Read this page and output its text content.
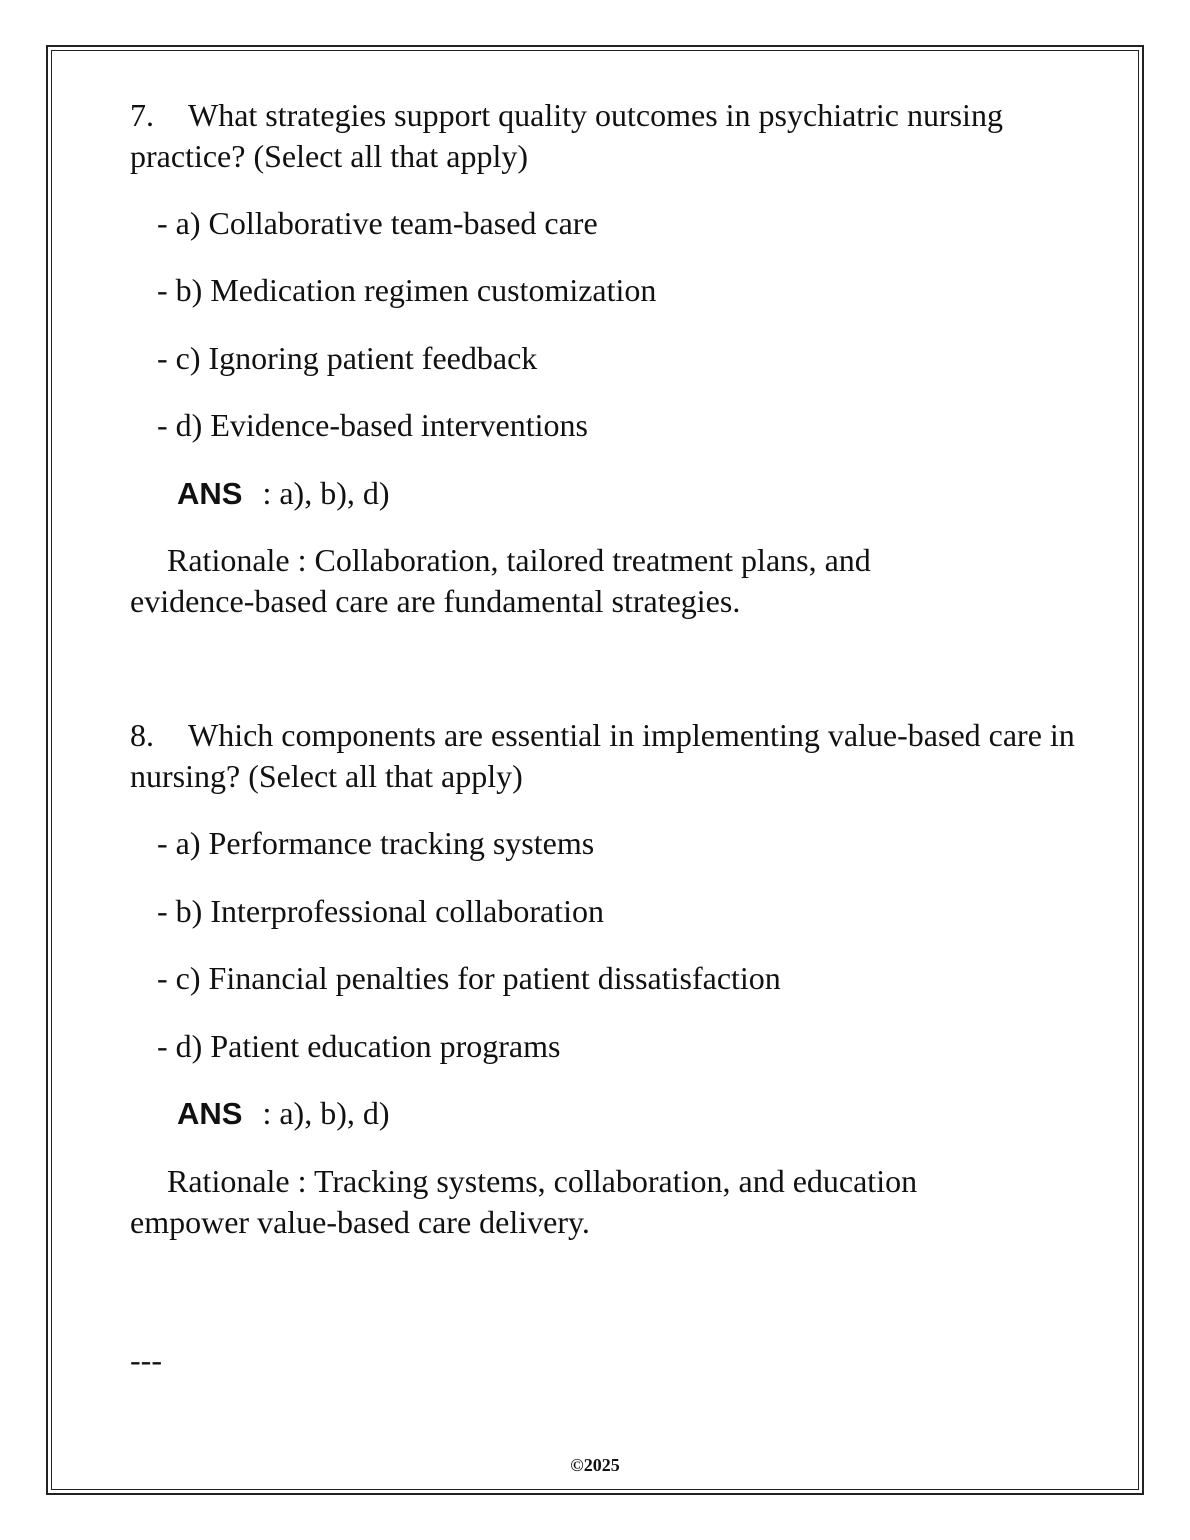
7. What strategies support quality outcomes in psychiatric nursing practice? (Select all that apply)

- a) Collaborative team-based care

- b) Medication regimen customization

- c) Ignoring patient feedback

- d) Evidence-based interventions

ANS : a), b), d)

Rationale : Collaboration, tailored treatment plans, and evidence-based care are fundamental strategies.

8. Which components are essential in implementing value-based care in nursing? (Select all that apply)

- a) Performance tracking systems

- b) Interprofessional collaboration

- c) Financial penalties for patient dissatisfaction

- d) Patient education programs

ANS : a), b), d)

Rationale : Tracking systems, collaboration, and education empower value-based care delivery.

---

©2025
